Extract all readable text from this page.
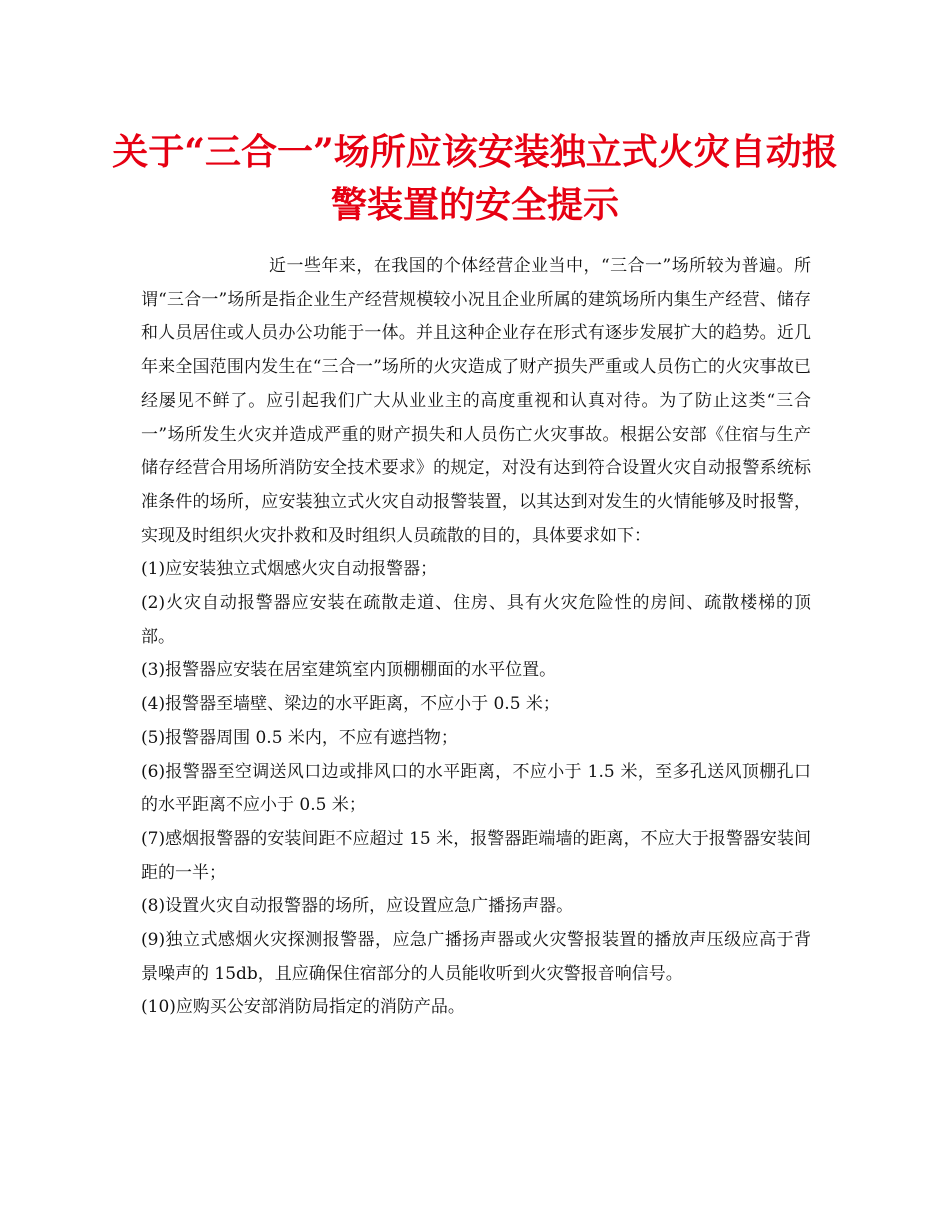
关于“三合一”场所应该安装独立式火灾自动报警装置的安全提示

近一些年来，在我国的个体经营企业当中，“三合一”场所较为普遍。所谓“三合一”场所是指企业生产经营规模较小况且企业所属的建筑场所内集生产经营、储存和人员居住或人员办公功能于一体。并且这种企业存在形式有逐步发展扩大的趋势。近几年来全国范围内发生在“三合一”场所的火灾造成了财产损失严重或人员伤亡的火灾事故已经屡见不鲜了。应引起我们广大从业业主的高度重视和认真对待。为了防止这类“三合一”场所发生火灾并造成严重的财产损失和人员伤亡火灾事故。根据公安部《住宿与生产储存经营合用场所消防安全技术要求》的规定，对没有达到符合设置火灾自动报警系统标准条件的场所，应安装独立式火灾自动报警装置，以其达到对发生的火情能够及时报警，实现及时组织火灾扑救和及时组织人员疏散的目的，具体要求如下：

(1)应安装独立式烟感火灾自动报警器；

(2)火灾自动报警器应安装在疏散走道、住房、具有火灾危险性的房间、疏散楼梯的顶部。

(3)报警器应安装在居室建筑室内顶棚棚面的水平位置。

(4)报警器至墙壁、梁边的水平距离，不应小于 0.5 米；

(5)报警器周围 0.5 米内，不应有遮挡物；

(6)报警器至空调送风口边或排风口的水平距离，不应小于 1.5 米，至多孔送风顶棚孔口的水平距离不应小于 0.5 米；

(7)感烟报警器的安装间距不应超过 15 米，报警器距端墙的距离，不应大于报警器安装间距的一半；

(8)设置火灾自动报警器的场所，应设置应急广播扬声器。

(9)独立式感烟火灾探测报警器，应急广播扬声器或火灾警报装置的播放声压级应高于背景噪声的 15db，且应确保住宿部分的人员能收听到火灾警报音响信号。

(10)应购买公安部消防局指定的消防产品。
